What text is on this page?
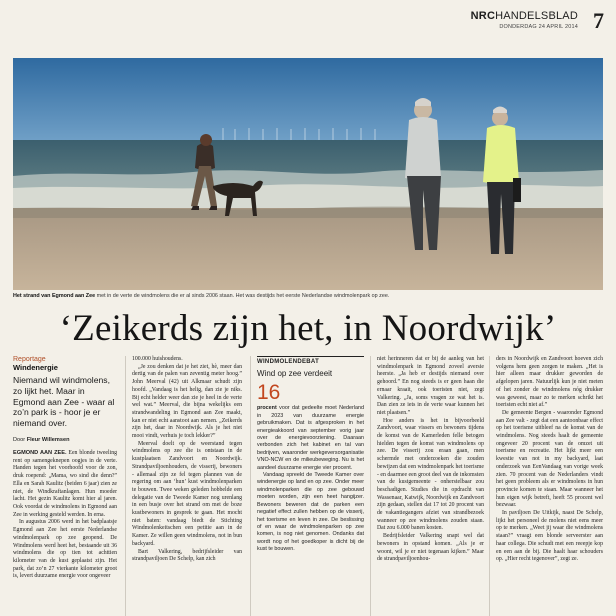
NRCHANDELSBLAD
DONDERDAG 24 APRIL 2014 7
Het strand van Egmond aan Zee met in de verte de windmolens die er al sinds 2006 staan. Het was destijds het eerste Nederlandse windmolenpark op zee.
‘Zeikerds zijn het, in Noordwijk’
Reportage
Windenergie
Niemand wil windmolens, zo lijkt het. Maar in Egmond aan Zee - waar al zo’n park is - hoor je er niemand over.
Door Fleur Willemsen

EGMOND AAN ZEE. Een blonde tweeling rent op samengeknepen oogjes in de verte. Handen tegen het voorhoofd voor de zon, druk roepend: „Mama, wo sind die denn?” Ella en Sarah Kaulitz (beiden 6 jaar) zien ze niet, de Windkraftanlagen. Hun moeder lacht. Het gezin Kaulitz komt hier al jaren. Ook voordat de windmolens in Egmond aan Zee in werking gesteld werden. In erna.

In augustus 2006 werd in het badplaatsje Egmond aan Zee het eerste Nederlandse windmolenpark op zee geopend. De Windmolens werd heet het, bestaande uit 36 windmolens die op tien tot achttien kilometer van de kust geplaatst zijn. Het park, dat zo’n 27 vierkante kilometer groot is, levert duurzame energie voor ongeveer

100.000 huishoudens.

„Je zou denken dat je het ziet, hè, meer dan dertig van de palen van zeventig meter hoog.” John Meerval (42) uit Alkmaar schudt zijn hoofd. „Vandaag is het helig, dan zie je niks. Bij echt helder weer dan zie je heel in de verte wel wat.” Meerval, die bijna wekelijks een strandwandeling in Egmond aan Zee maakt, kan er niet echt aanstoot aan nemen. „Zeikerds zijn het, daar in Noordwijk. Als je het niet mooi vindt, verhuis je toch lekker?”

Meerval doelt op de weerstand tegen windmolens op zee die is ontstaan in de kustplaatsen Zandvoort en Noordwijk. Strandpaviljoenhouders, de visserij, bewoners - allemaal zijn ze fel tegen plannen van de regering om aan ‘hun’ kust windmolenparken te bouwen. Twee weken geleden hobbelde een delegatie van de Tweede Kamer nog urenlang in een busje over het strand om met de boze kustbewoners in gesprek te gaan. Het mocht niet baten: vandaag biedt de Stichting Windmolenkeitschen een petitie aan in de Kamer. Ze willen geen windmolens, not in bun backyard.

Bart Valkering, bedrijfsleider van strandpaviljoen De Schelp, kan zich

WINDMOLENDEBAT
Wind op zee verdeeit
16

procent voor dat gedeelte moet Nederland in 2023 van duurzame energie gebruikmaken. Dat is afgesproken in het energieakkoord van september vorig jaar over de energievoorziening. Daaraan verbonden zich het kabinet en tal van bedrijven, waaronder werkgeversorganisatie VNO-NCW en de milieubeweging. Nu is het aandeel duurzame energie vier procent.

Vandaag spreekt de Tweede Kamer over windenergie op land en op zee. Onder meer windmolenparken die op zee gebouwd moeten worden, zijn een heet hangijzer. Bewoners beweren dat de parken een negatief effect zullen hebben op de visserij, het toerisme en leven in zee. De beslissing of en waar de windmolenparken op zee komen, is nog niet genomen. Ondanks dat wordt nog of het goedkoper is dicht bij de kust te bouwen.

niet herinneren dat er bij de aanleg van het windmolenpark in Egmond zoveel aversie heerste. „Ja heb er destijds niemand over gehoord.” En nog steeds is er geen haan die ernaar kraait, ook toeristen niet, zegt Valkering. „Ja, soms vragen ze wat het is. Dan zien ze iets in de verte waar kunnen het niet plaatsen.”

Hoe anders is het in bijvoorbeeld Zandvoort, waar vissers en bewoners tijdens de komst van de Kamerleden felle betogen hielden tegen de komst van windmolens op zee. De visserij zou eraan gaan, men schermde met onderzoeken die zouden bewijzen dat een windmolenpark het toerisme - en daarmee een groot deel van de inkomsten van de kustgemeente - onherstelbaar zou beschadigen. Studies die in opdracht van Wassenaar, Katwijk, Noordwijk en Zandvoort zijn gedaan, stellen dat 17 tot 20 procent van de vakantiegangers afziet van strandbezoek wanneer op zee windmolens zouden staan. Dat zou 6.000 banen kosten.

Bedrijfsleider Valkering snapt wel dat bewoners in opstand komen. „Als je er woont, wil je er niet tegenaan kijken.” Maar de strandpaviljoenhou-

ders in Noordwijk en Zandvoort hoeven zich volgens hem geen zorgen te maken. „Het is hier alleen maar drukker geworden de afgelopen jaren. Natuurlijk kun je niet meten of het zonder de windmolens nóg drukker was geweest, maar zo te merken schrikt het toeristen echt niet af.”

De gemeente Bergen - waaronder Egmond aan Zee valt - zegt dat een aantoonbaar effect op het toerisme uitbleef na de komst van de windmolens. Nog steeds haalt de gemeente ongeveer 20 procent van de omzet uit toerisme en recreatie. Het lijkt meer een kwestie van not in my backyard, laat onderzoek van EenVandaag van vorige week zien. 70 procent van de Nederlanders vindt het geen probleem als er windmolens in hun provincie komen te staan. Maar wanneer het hun eigen wijk betreft, heeft 55 procent wel bezwaar.

In paviljoen De Uitkijk, naast De Schelp, lijkt het personeel de molens niet eens meer op te merken. „Weet jij waar die windmolens staan?” vraagt een blonde serveerster aan haar collega. Die schudt met een reeepje kop en een aan de bij. Die haalt haar schouders op. „Hier recht tegenover”, zegt ze.
